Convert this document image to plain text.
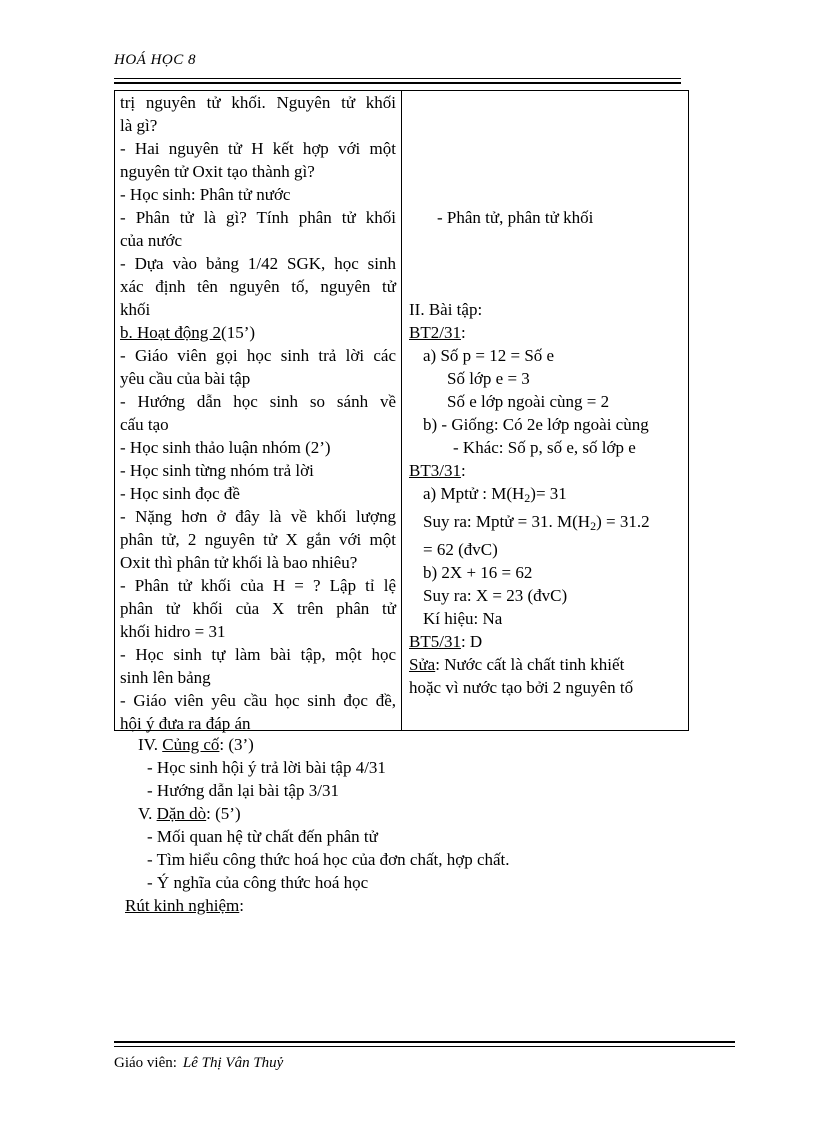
HOÁ HỌC 8
trị nguyên tử khối. Nguyên tử khối
là gì?
- Hai nguyên tử H kết hợp với một
nguyên tử Oxit tạo thành gì?
- Học sinh: Phân tử nước
- Phân tử là gì? Tính phân tử khối
của nước
- Dựa vào bảng 1/42 SGK, học sinh
xác định tên nguyên tố, nguyên tử
khối
b. Hoạt động 2(15’)
- Giáo viên gọi học sinh trả lời các
yêu cầu của bài tập
- Hướng dẫn học sinh so sánh về
cấu tạo
- Học sinh thảo luận nhóm (2’)
- Học sinh từng nhóm trả lời
- Học sinh đọc đề
- Nặng hơn ở đây là về khối lượng
phân tử, 2 nguyên tử X gắn với một
Oxit thì phân tử khối là bao nhiêu?
- Phân tử khối của H = ? Lập tỉ lệ
phân tử khối của X trên phân tử
khối hidro = 31
- Học sinh tự làm bài tập, một học
sinh lên bảng
- Giáo viên yêu cầu học sinh đọc đề,
hội ý đưa ra đáp án
- Phân tử, phân tử khối
II. Bài tập:
BT2/31:
a) Số p = 12 = Số e
Số lớp e = 3
Số e lớp ngoài cùng = 2
b) - Giống: Có 2e lớp ngoài cùng
- Khác: Số p, số e, số lớp e
BT3/31:
a) Mptử : $M(H_2)= 31$
Suy ra: Mptử = 31. $M(H_2) = 31.2$
= 62 (đvC)
b) 2X + 16 = 62
Suy ra: X = 23 (đvC)
Kí hiệu: Na
BT5/31: D
Sửa: Nước cất là chất tinh khiết
hoặc vì nước tạo bởi 2 nguyên tố
IV. Củng cố: (3’)
- Học sinh hội ý trả lời bài tập 4/31
- Hướng dẫn lại bài tập 3/31
V. Dặn dò: (5’)
- Mối quan hệ từ chất đến phân tử
- Tìm hiểu công thức hoá học của đơn chất, hợp chất.
- Ý nghĩa của công thức hoá học
Rút kinh nghiệm:
Giáo viên: Lê Thị Vân Thuỷ
